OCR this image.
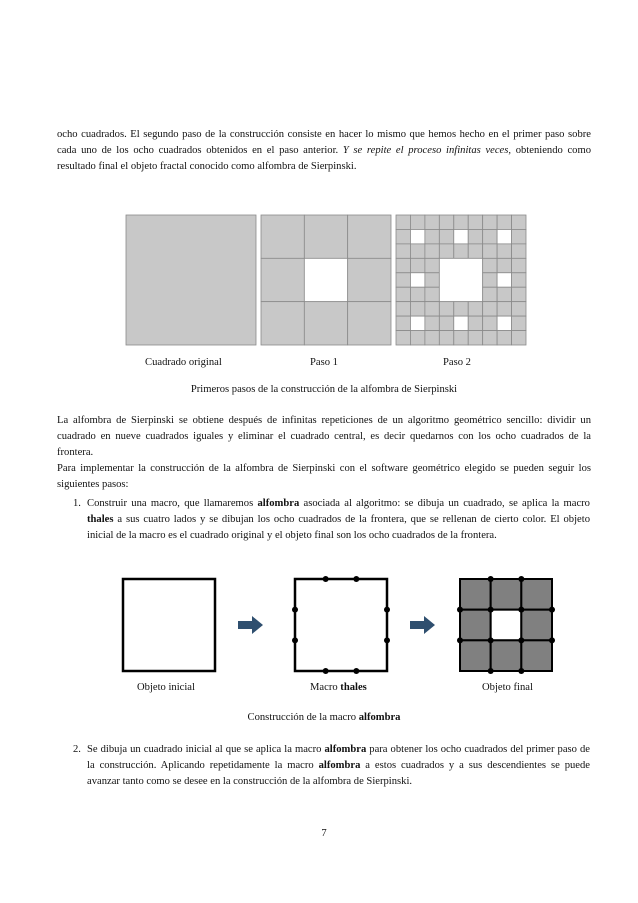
ocho cuadrados. El segundo paso de la construcción consiste en hacer lo mismo que hemos hecho en el primer paso sobre cada uno de los ocho cuadrados obtenidos en el paso anterior. Y se repite el proceso infinitas veces, obteniendo como resultado final el objeto fractal conocido como alfombra de Sierpinski.

Cuadrado original	Paso 1	Paso 2
Primeros pasos de la construcción de la alfombra de Sierpinski

La alfombra de Sierpinski se obtiene después de infinitas repeticiones de un algoritmo geométrico sencillo: dividir un cuadrado en nueve cuadrados iguales y eliminar el cuadrado central, es decir quedarnos con los ocho cuadrados de la frontera.

Para implementar la construcción de la alfombra de Sierpinski con el software geométrico elegido se pueden seguir los siguientes pasos:

1. Construir una macro, que llamaremos alfombra asociada al algoritmo: se dibuja un cuadrado, se aplica la macro thales a sus cuatro lados y se dibujan los ocho cuadrados de la frontera, que se rellenan de cierto color. El objeto inicial de la macro es el cuadrado original y el objeto final son los ocho cuadrados de la frontera.

Objeto inicial	Macro thales	Objeto final
Construcción de la macro alfombra
2. Se dibuja un cuadrado inicial al que se aplica la macro alfombra para obtener los ocho cuadrados del primer paso de la construcción. Aplicando repetidamente la macro alfombra a estos cuadrados y a sus descendientes se puede avanzar tanto como se desee en la construcción de la alfombra de Sierpinski.

7
